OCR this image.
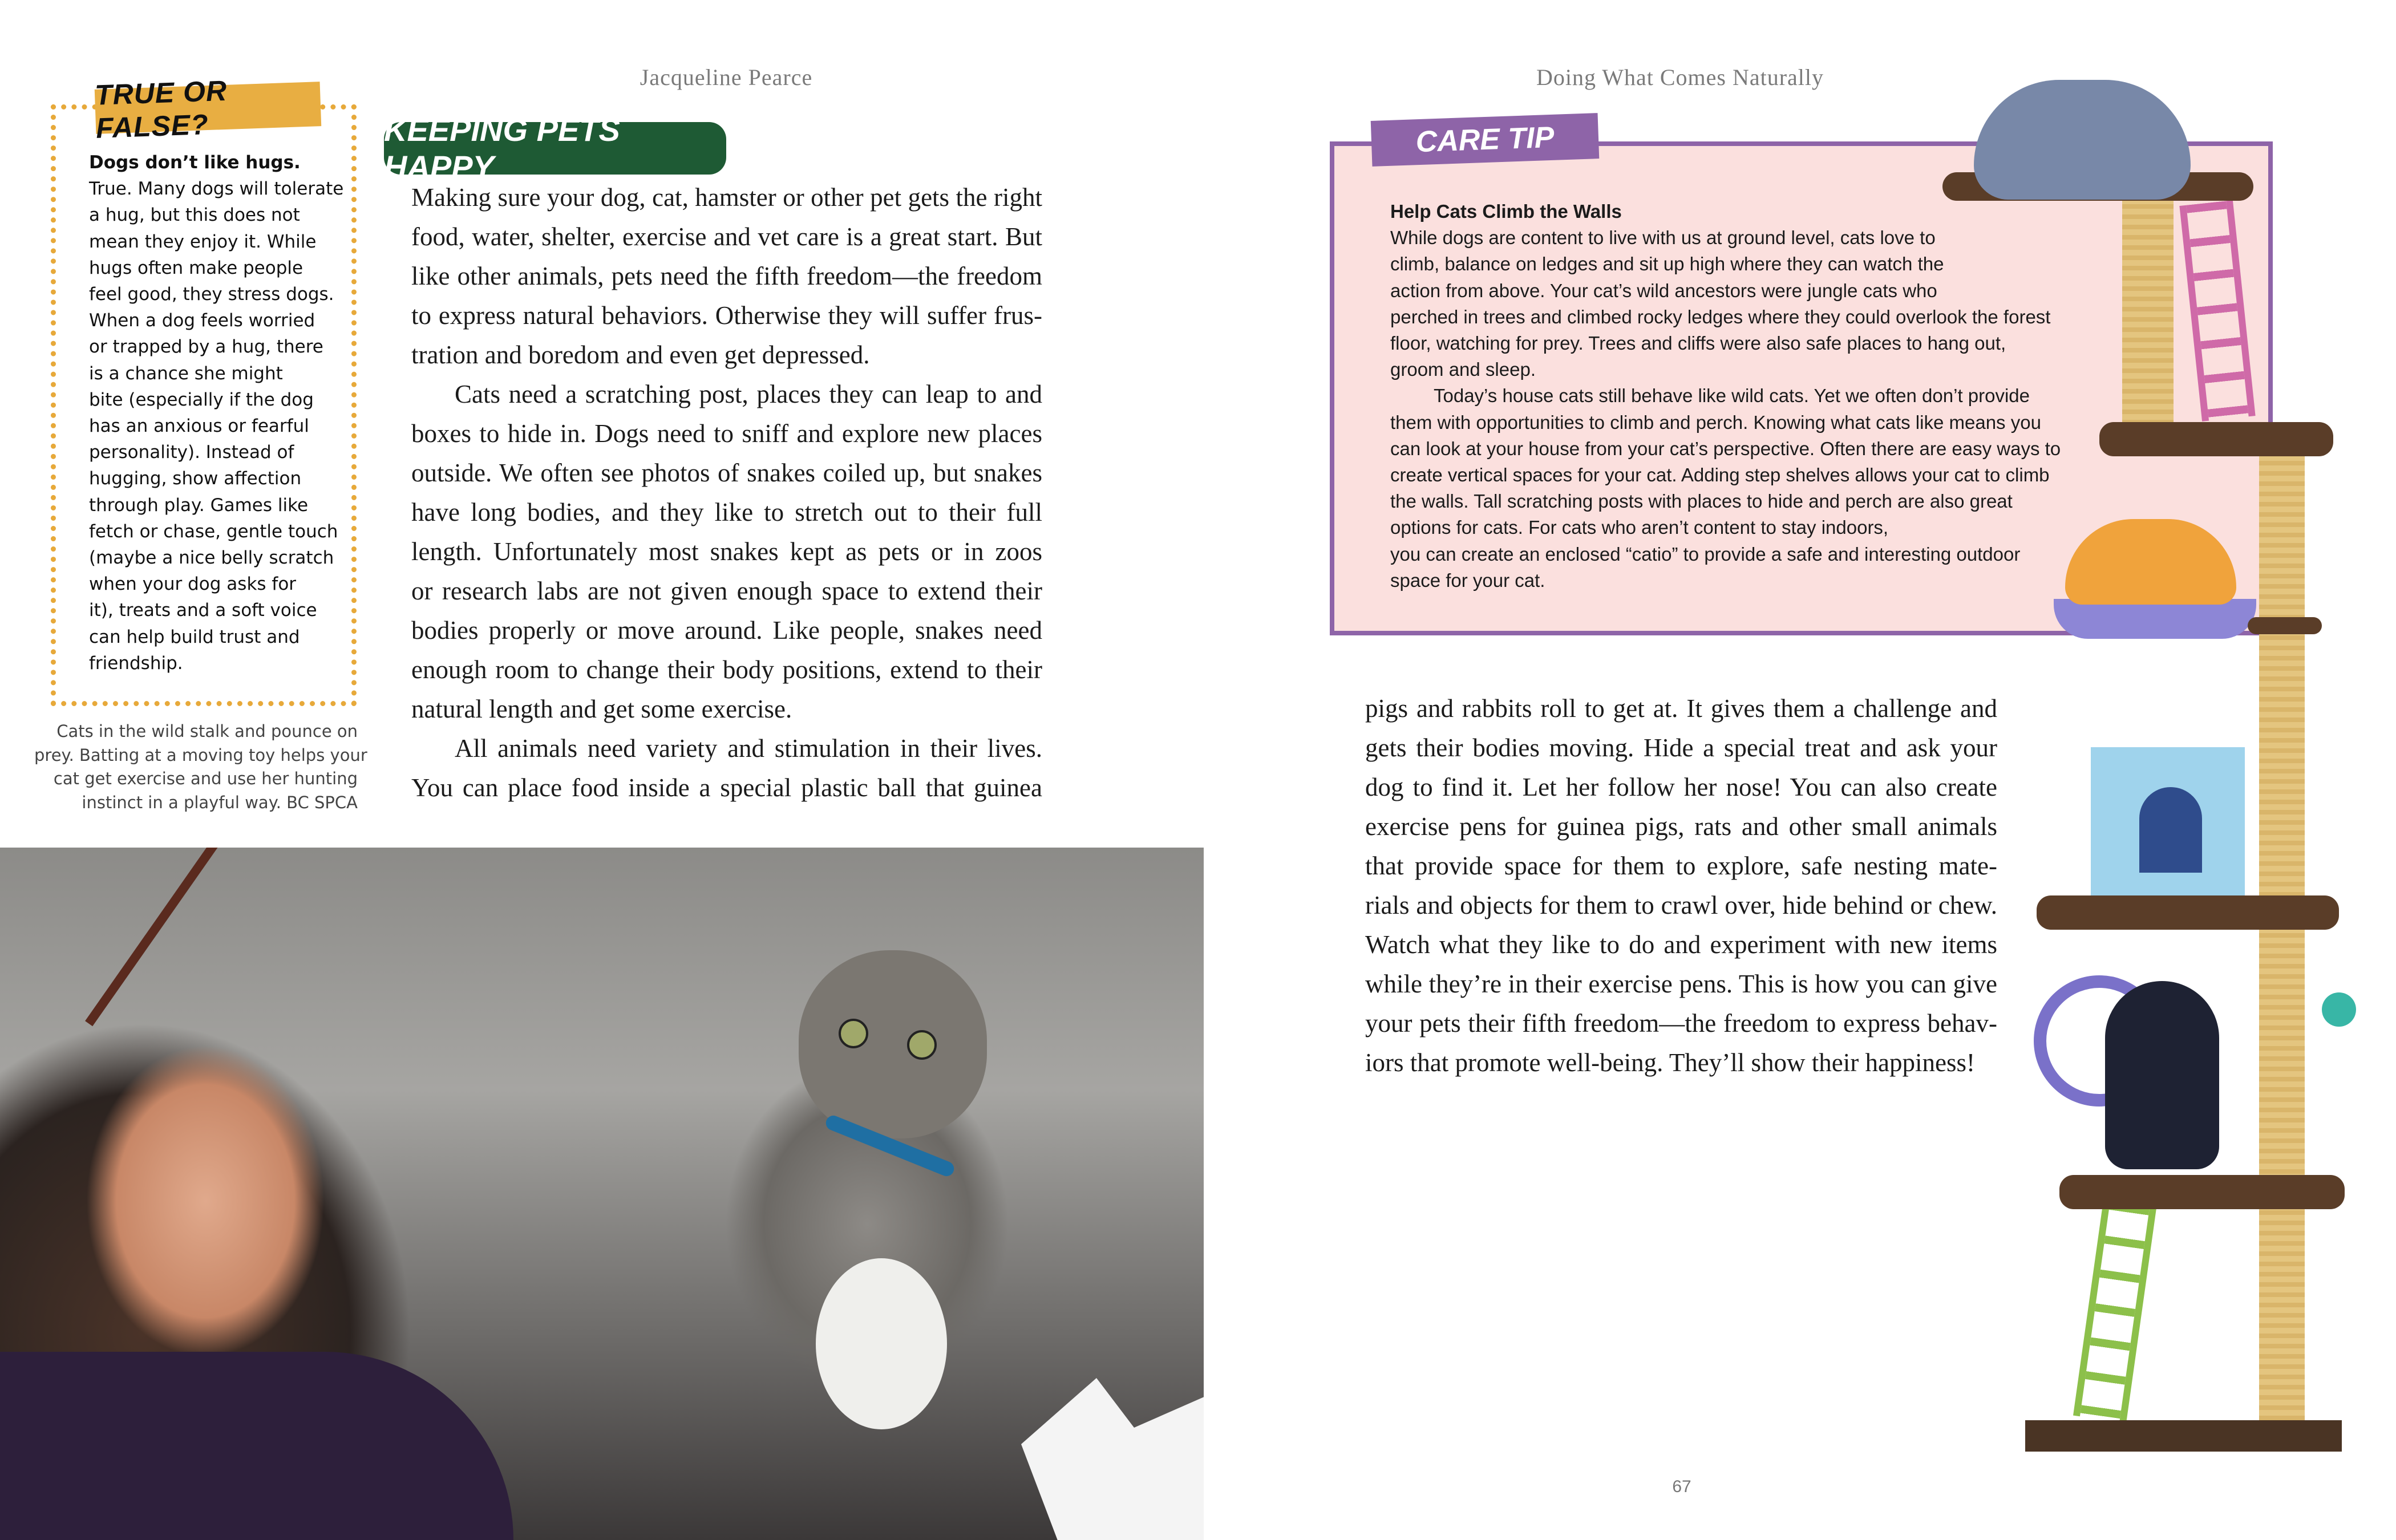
Jacqueline Pearce
TRUE OR FALSE?
Dogs don’t like hugs.
True. Many dogs will tolerate
a hug, but this does not
mean they enjoy it. While
hugs often make people
feel good, they stress dogs.
When a dog feels worried
or trapped by a hug, there
is a chance she might
bite (especially if the dog
has an anxious or fearful
personality). Instead of
hugging, show affection
through play. Games like
fetch or chase, gentle touch
(maybe a nice belly scratch
when your dog asks for
it), treats and a soft voice
can help build trust and
friendship.
Cats in the wild stalk and pounce on
prey. Batting at a moving toy helps your
cat get exercise and use her hunting
instinct in a playful way. BC SPCA
KEEPING PETS HAPPY
Making sure your dog, cat, hamster or other pet gets the right
food, water, shelter, exercise and vet care is a great start. But
like other animals, pets need the fifth freedom—the freedom
to express natural behaviors. Otherwise they will suffer frus-
tration and boredom and even get depressed.
Cats need a scratching post, places they can leap to and
boxes to hide in. Dogs need to sniff and explore new places
outside. We often see photos of snakes coiled up, but snakes
have long bodies, and they like to stretch out to their full
length. Unfortunately most snakes kept as pets or in zoos
or research labs are not given enough space to extend their
bodies properly or move around. Like people, snakes need
enough room to change their body positions, extend to their
natural length and get some exercise.
All animals need variety and stimulation in their lives.
You can place food inside a special plastic ball that guinea
Doing What Comes Naturally
CARE TIP
Help Cats Climb the Walls
While dogs are content to live with us at ground level, cats love to
climb, balance on ledges and sit up high where they can watch the
action from above. Your cat’s wild ancestors were jungle cats who
perched in trees and climbed rocky ledges where they could overlook the forest
floor, watching for prey. Trees and cliffs were also safe places to hang out,
groom and sleep.
Today’s house cats still behave like wild cats. Yet we often don’t provide
them with opportunities to climb and perch. Knowing what cats like means you
can look at your house from your cat’s perspective. Often there are easy ways to
create vertical spaces for your cat. Adding step shelves allows your cat to climb
the walls. Tall scratching posts with places to hide and perch are also great
options for cats. For cats who aren’t content to stay indoors,
you can create an enclosed “catio” to provide a safe and interesting outdoor
space for your cat.
pigs and rabbits roll to get at. It gives them a challenge and
gets their bodies moving. Hide a special treat and ask your
dog to find it. Let her follow her nose! You can also create
exercise pens for guinea pigs, rats and other small animals
that provide space for them to explore, safe nesting mate-
rials and objects for them to crawl over, hide behind or chew.
Watch what they like to do and experiment with new items
while they’re in their exercise pens. This is how you can give
your pets their fifth freedom—the freedom to express behav-
iors that promote well-being. They’ll show their happiness!
67
